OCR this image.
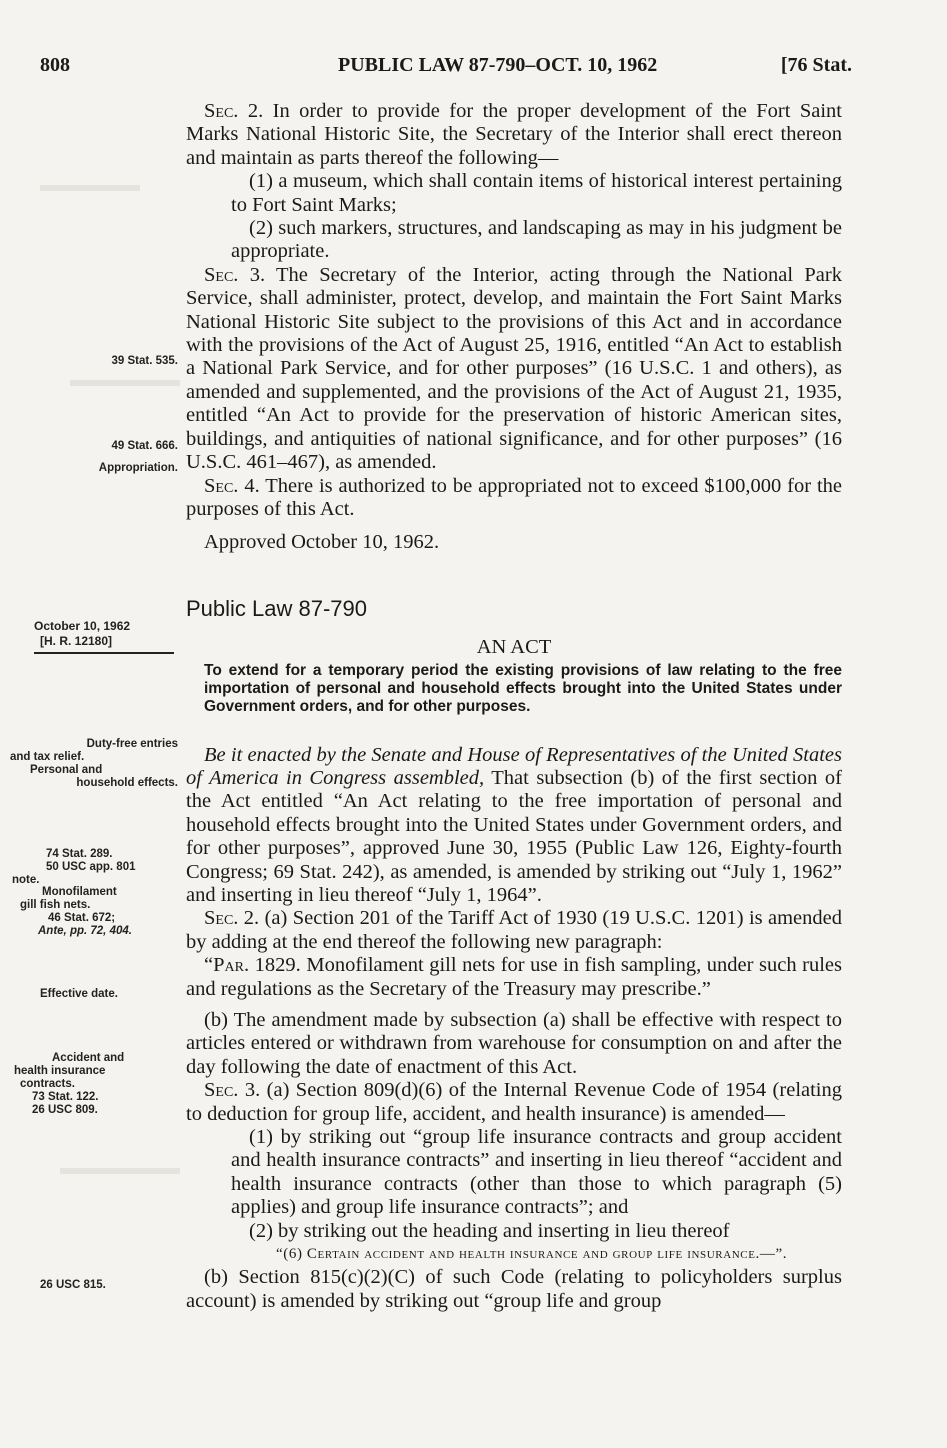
808	PUBLIC LAW 87-790–OCT. 10, 1962	[76 Stat.

Sec. 2. In order to provide for the proper development of the Fort Saint Marks National Historic Site, the Secretary of the Interior shall erect thereon and maintain as parts thereof the following—

(1) a museum, which shall contain items of historical interest pertaining to Fort Saint Marks;

(2) such markers, structures, and landscaping as may in his judgment be appropriate.

Sec. 3. The Secretary of the Interior, acting through the National Park Service, shall administer, protect, develop, and maintain the Fort Saint Marks National Historic Site subject to the provisions of this Act and in accordance with the provisions of the Act of August 25, 1916, entitled “An Act to establish a National Park Service, and for other purposes” (16 U.S.C. 1 and others), as amended and supplemented, and the provisions of the Act of August 21, 1935, entitled “An Act to provide for the preservation of historic American sites, buildings, and antiquities of national significance, and for other purposes” (16 U.S.C. 461–467), as amended.

Sec. 4. There is authorized to be appropriated not to exceed $100,000 for the purposes of this Act.

Approved October 10, 1962.

Public Law 87-790

AN ACT

To extend for a temporary period the existing provisions of law relating to the free importation of personal and household effects brought into the United States under Government orders, and for other purposes.

Be it enacted by the Senate and House of Representatives of the United States of America in Congress assembled, That subsection (b) of the first section of the Act entitled “An Act relating to the free importation of personal and household effects brought into the United States under Government orders, and for other purposes”, approved June 30, 1955 (Public Law 126, Eighty-fourth Congress; 69 Stat. 242), as amended, is amended by striking out “July 1, 1962” and inserting in lieu thereof “July 1, 1964”.

Sec. 2. (a) Section 201 of the Tariff Act of 1930 (19 U.S.C. 1201) is amended by adding at the end thereof the following new paragraph:

“Par. 1829. Monofilament gill nets for use in fish sampling, under such rules and regulations as the Secretary of the Treasury may prescribe.”

(b) The amendment made by subsection (a) shall be effective with respect to articles entered or withdrawn from warehouse for consumption on and after the day following the date of enactment of this Act.

Sec. 3. (a) Section 809(d)(6) of the Internal Revenue Code of 1954 (relating to deduction for group life, accident, and health insurance) is amended—

(1) by striking out “group life insurance contracts and group accident and health insurance contracts” and inserting in lieu thereof “accident and health insurance contracts (other than those to which paragraph (5) applies) and group life insurance contracts”; and

(2) by striking out the heading and inserting in lieu thereof

“(6) Certain accident and health insurance and group life insurance.—”.

(b) Section 815(c)(2)(C) of such Code (relating to policyholders surplus account) is amended by striking out “group life and group

39 Stat. 535.
49 Stat. 666.
Appropriation.
October 10, 1962
[H. R. 12180]
Duty-free entries
and tax relief.
Personal and
household effects.
74 Stat. 289.
50 USC app. 801
note.
Monofilament
gill fish nets.
46 Stat. 672;
Ante, pp. 72, 404.
Effective date.
Accident and
health insurance
contracts.
73 Stat. 122.
26 USC 809.
26 USC 815.
